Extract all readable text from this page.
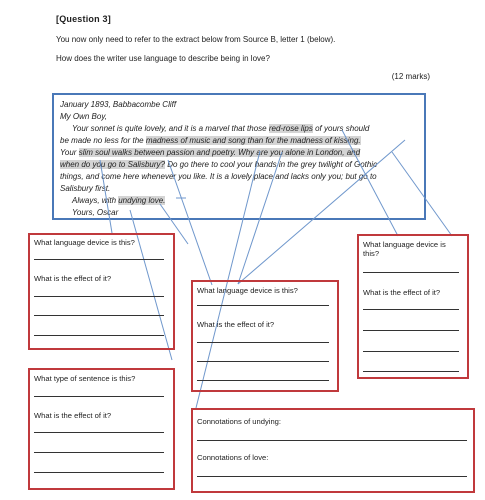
[Question 3]
You now only need to refer to the extract below from Source B, letter 1 (below).
How does the writer use language to describe being in love?
(12 marks)

January 1893, Babbacombe Cliff

My Own Boy,

Your sonnet is quite lovely, and it is a marvel that those red-rose lips of yours should

be made no less for the madness of music and song than for the madness of kissing.

Your slim soul walks between passion and poetry. Why are you alone in London, and

when do you go to Salisbury? Do go there to cool your hands in the grey twilight of Gothic

things, and come here whenever you like. It is a lovely place and lacks only you; but go to

Salisbury first.

Always, with undying love.

Yours, Oscar

What language device is this?
What is the effect of it?
What language device is this?
What is the effect of it?
What language device is
this?
What is the effect of it?
What type of sentence is this?
What is the effect of it?
Connotations of undying:
Connotations of love:
